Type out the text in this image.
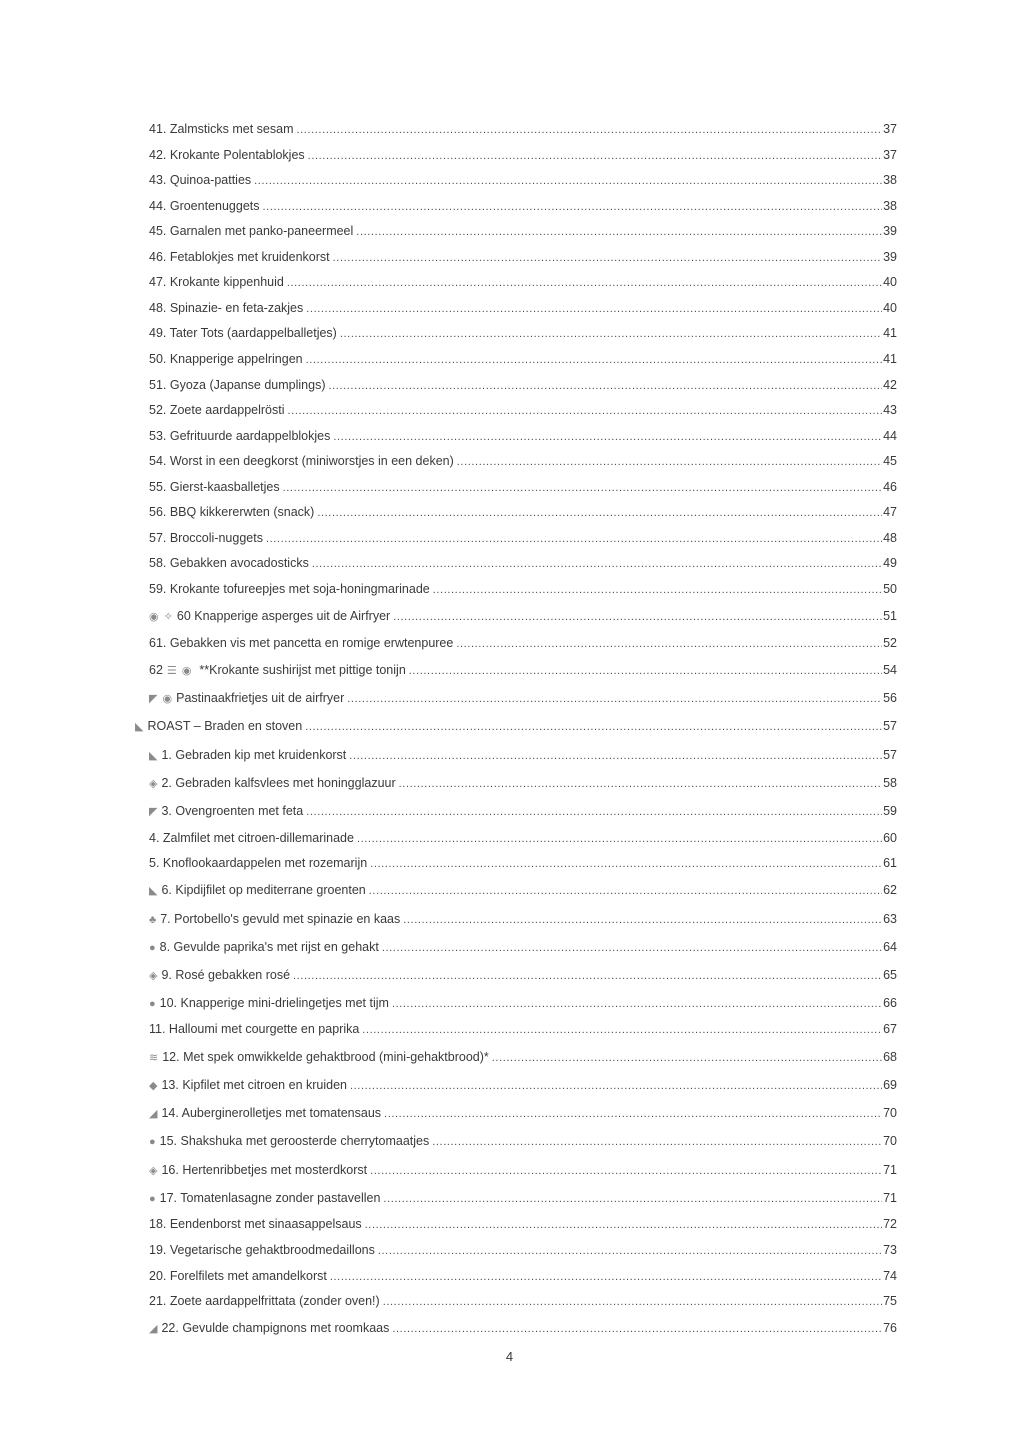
41. Zalmsticks met sesam .....	37
42. Krokante Polentablokjes .....	37
43. Quinoa-patties .....	38
44. Groentenuggets .....	38
45. Garnalen met panko-paneermeel .....	39
46. Fetablokjes met kruidenkorst .....	39
47. Krokante kippenhuid .....	40
48. Spinazie- en feta-zakjes .....	40
49. Tater Tots (aardappelballetjes) .....	41
50. Knapperige appelringen .....	41
51. Gyoza (Japanse dumplings) .....	42
52. Zoete aardappelrösti .....	43
53. Gefrituurde aardappelblokjes .....	44
54. Worst in een deegkorst (miniworstjes in een deken) .....	45
55. Gierst-kaasballetjes .....	46
56. BBQ kikkererwten (snack) .....	47
57. Broccoli-nuggets .....	48
58. Gebakken avocadosticks .....	49
59. Krokante tofureepjes met soja-honingmarinade .....	50
◉ ✧ 60 Knapperige asperges uit de Airfryer .....	51
61. Gebakken vis met pancetta en romige erwtenpuree .....	52
62 ☰ ◉ **Krokante sushirijst met pittige tonijn .....	54
◤ ◉ Pastinaakfrietjes uit de airfryer .....	56
◣ ROAST – Braden en stoven .....	57
◣ 1. Gebraden kip met kruidenkorst .....	57
◈ 2. Gebraden kalfsvlees met honingglazuur .....	58
◤ 3. Ovengroenten met feta .....	59
4. Zalmfilet met citroen-dillemarinade .....	60
5. Knoflookaardappelen met rozemarijn .....	61
◣ 6. Kipdijfilet op mediterrane groenten .....	62
♣ 7. Portobello's gevuld met spinazie en kaas .....	63
● 8. Gevulde paprika's met rijst en gehakt .....	64
◈ 9. Rosé gebakken rosé .....	65
● 10. Knapperige mini-drielingetjes met tijm .....	66
11. Halloumi met courgette en paprika .....	67
≋ 12. Met spek omwikkelde gehaktbrood (mini-gehaktbrood)* .....	68
◆ 13. Kipfilet met citroen en kruiden .....	69
◢ 14. Auberginerolletjes met tomatensaus .....	70
● 15. Shakshuka met geroosterde cherrytomaatjes .....	70
◈ 16. Hertenribbetjes met mosterdkorst .....	71
● 17. Tomatenlasagne zonder pastavellen .....	71
18. Eendenborst met sinaasappelsaus .....	72
19. Vegetarische gehaktbroodmedaillons .....	73
20. Forelfilets met amandelkorst .....	74
21. Zoete aardappelfrittata (zonder oven!) .....	75
◢ 22. Gevulde champignons met roomkaas .....	76
4
